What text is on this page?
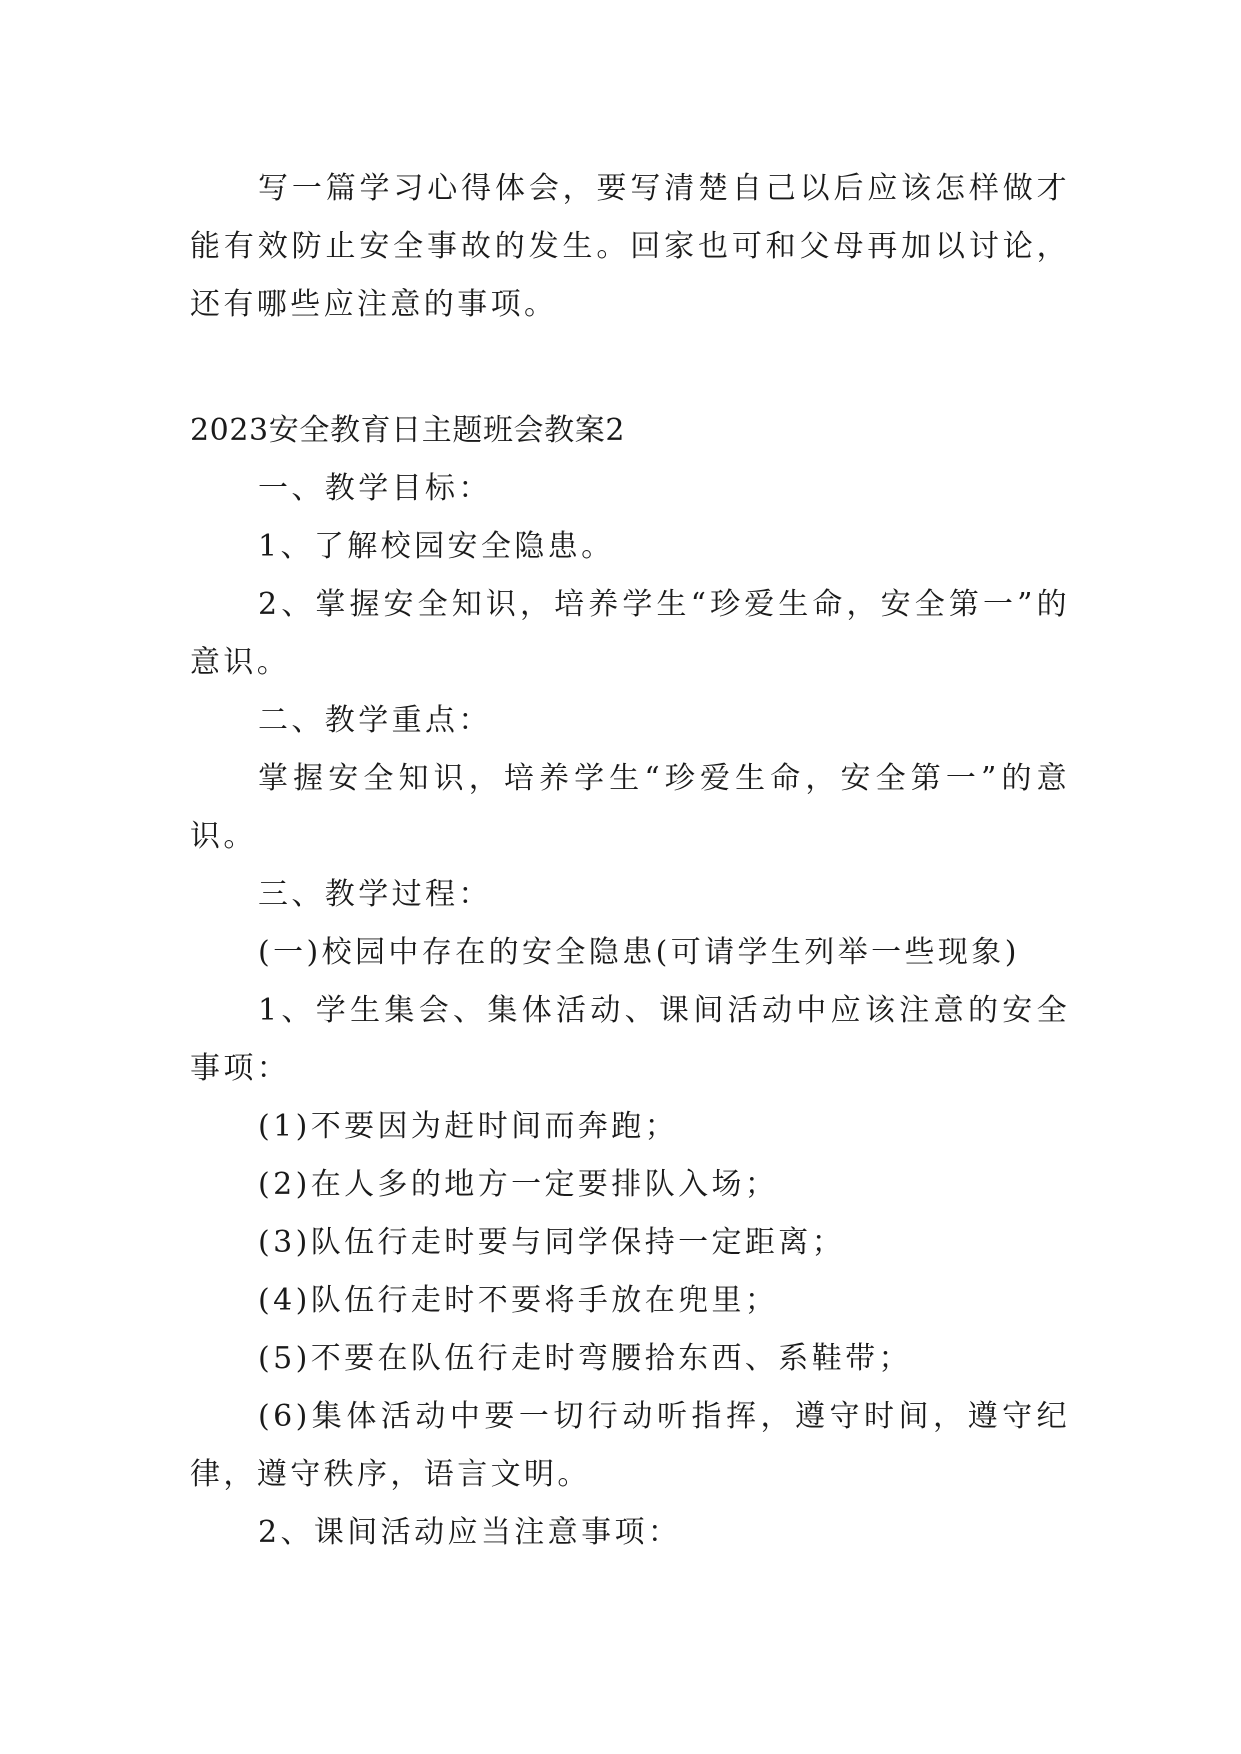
写一篇学习心得体会，要写清楚自己以后应该怎样做才能有效防止安全事故的发生。回家也可和父母再加以讨论，还有哪些应注意的事项。

2023安全教育日主题班会教案2

一、教学目标：

1、了解校园安全隐患。

2、掌握安全知识，培养学生“珍爱生命，安全第一”的意识。

二、教学重点：

掌握安全知识，培养学生“珍爱生命，安全第一”的意识。

三、教学过程：

(一)校园中存在的安全隐患(可请学生列举一些现象)

1、学生集会、集体活动、课间活动中应该注意的安全事项：

(1)不要因为赶时间而奔跑；

(2)在人多的地方一定要排队入场；

(3)队伍行走时要与同学保持一定距离；

(4)队伍行走时不要将手放在兜里；

(5)不要在队伍行走时弯腰拾东西、系鞋带；

(6)集体活动中要一切行动听指挥，遵守时间，遵守纪律，遵守秩序，语言文明。

2、课间活动应当注意事项：
